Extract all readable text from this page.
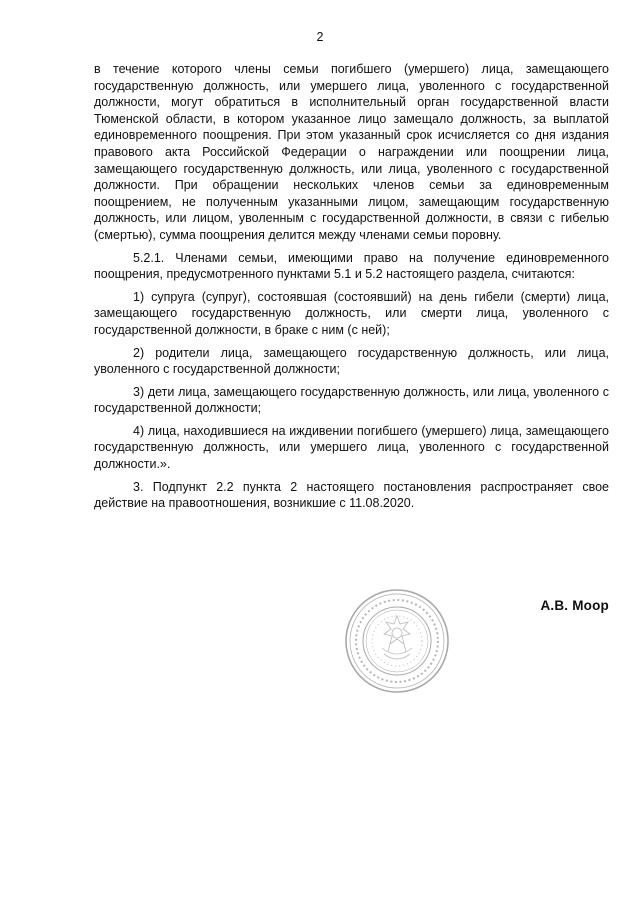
2

в течение которого члены семьи погибшего (умершего) лица, замещающего государственную должность, или умершего лица, уволенного с государственной должности, могут обратиться в исполнительный орган государственной власти Тюменской области, в котором указанное лицо замещало должность, за выплатой единовременного поощрения. При этом указанный срок исчисляется со дня издания правового акта Российской Федерации о награждении или поощрении лица, замещающего государственную должность, или лица, уволенного с государственной должности. При обращении нескольких членов семьи за единовременным поощрением, не полученным указанными лицом, замещающим государственную должность, или лицом, уволенным с государственной должности, в связи с гибелью (смертью), сумма поощрения делится между членами семьи поровну.

5.2.1. Членами семьи, имеющими право на получение единовременного поощрения, предусмотренного пунктами 5.1 и 5.2 настоящего раздела, считаются:

1) супруга (супруг), состоявшая (состоявший) на день гибели (смерти) лица, замещающего государственную должность, или смерти лица, уволенного с государственной должности, в браке с ним (с ней);

2) родители лица, замещающего государственную должность, или лица, уволенного с государственной должности;

3) дети лица, замещающего государственную должность, или лица, уволенного с государственной должности;

4) лица, находившиеся на иждивении погибшего (умершего) лица, замещающего государственную должность, или умершего лица, уволенного с государственной должности.».

3. Подпункт 2.2 пункта 2 настоящего постановления распространяет свое действие на правоотношения, возникшие с 11.08.2020.

А.В. Моор
